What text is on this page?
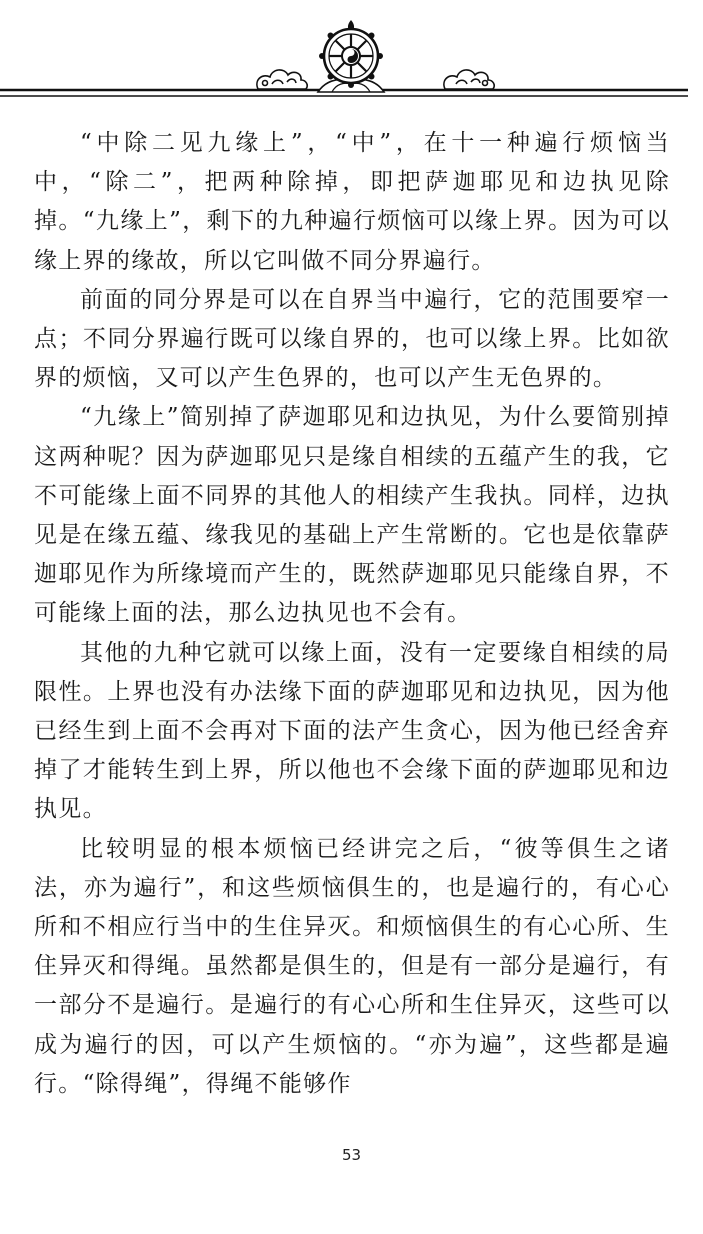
“中除二见九缘上”，“中”，在十一种遍行烦恼当中，“除二”，把两种除掉，即把萨迦耶见和边执见除掉。“九缘上”，剩下的九种遍行烦恼可以缘上界。因为可以缘上界的缘故，所以它叫做不同分界遍行。

前面的同分界是可以在自界当中遍行，它的范围要窄一点；不同分界遍行既可以缘自界的，也可以缘上界。比如欲界的烦恼，又可以产生色界的，也可以产生无色界的。

“九缘上”简别掉了萨迦耶见和边执见，为什么要简别掉这两种呢？因为萨迦耶见只是缘自相续的五蕴产生的我，它不可能缘上面不同界的其他人的相续产生我执。同样，边执见是在缘五蕴、缘我见的基础上产生常断的。它也是依靠萨迦耶见作为所缘境而产生的，既然萨迦耶见只能缘自界，不可能缘上面的法，那么边执见也不会有。

其他的九种它就可以缘上面，没有一定要缘自相续的局限性。上界也没有办法缘下面的萨迦耶见和边执见，因为他已经生到上面不会再对下面的法产生贪心，因为他已经舍弃掉了才能转生到上界，所以他也不会缘下面的萨迦耶见和边执见。

比较明显的根本烦恼已经讲完之后，“彼等俱生之诸法，亦为遍行”，和这些烦恼俱生的，也是遍行的，有心心所和不相应行当中的生住异灭。和烦恼俱生的有心心所、生住异灭和得绳。虽然都是俱生的，但是有一部分是遍行，有一部分不是遍行。是遍行的有心心所和生住异灭，这些可以成为遍行的因，可以产生烦恼的。“亦为遍”，这些都是遍行。“除得绳”，得绳不能够作

53
